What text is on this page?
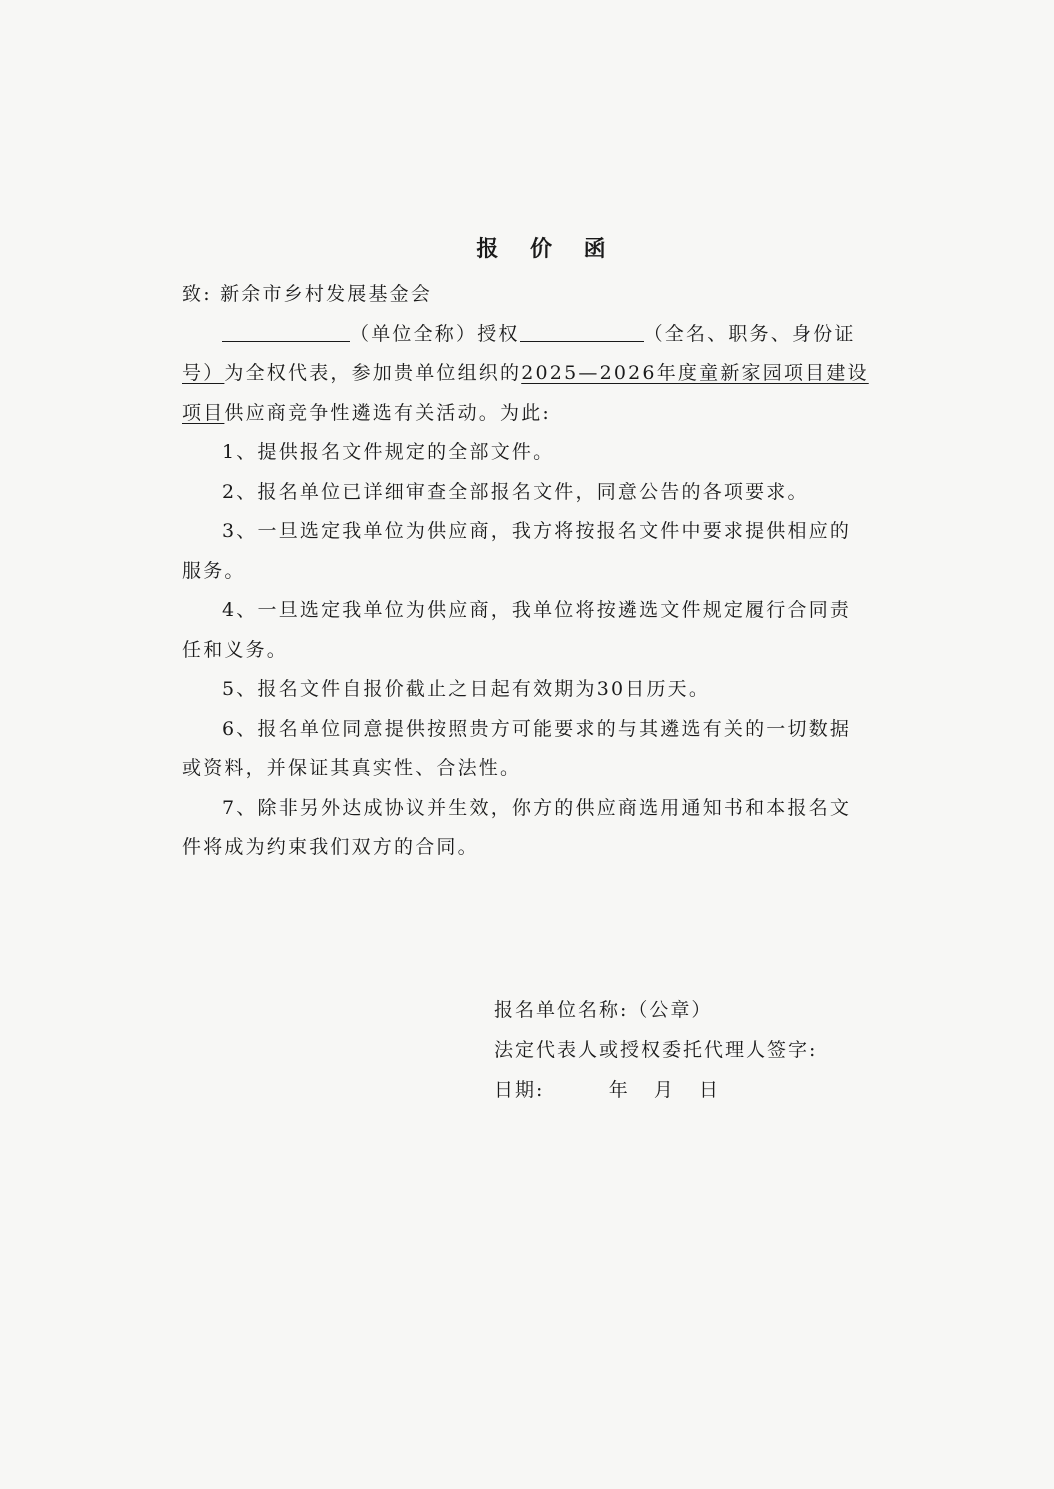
报 价 函

致: 新余市乡村发展基金会

（单位全称）授权	（全名、职务、身份证号）为全权代表，参加贵单位组织的2025—2026年度童新家园项目建设项目供应商竞争性遴选有关活动。为此:

1、提供报名文件规定的全部文件。

2、报名单位已详细审查全部报名文件，同意公告的各项要求。

3、一旦选定我单位为供应商，我方将按报名文件中要求提供相应的服务。

4、一旦选定我单位为供应商，我单位将按遴选文件规定履行合同责任和义务。

5、报名文件自报价截止之日起有效期为30日历天。

6、报名单位同意提供按照贵方可能要求的与其遴选有关的一切数据或资料，并保证其真实性、合法性。

7、除非另外达成协议并生效，你方的供应商选用通知书和本报名文件将成为约束我们双方的合同。

报名单位名称:（公章）

法定代表人或授权委托代理人签字:

日期:        年   月   日
